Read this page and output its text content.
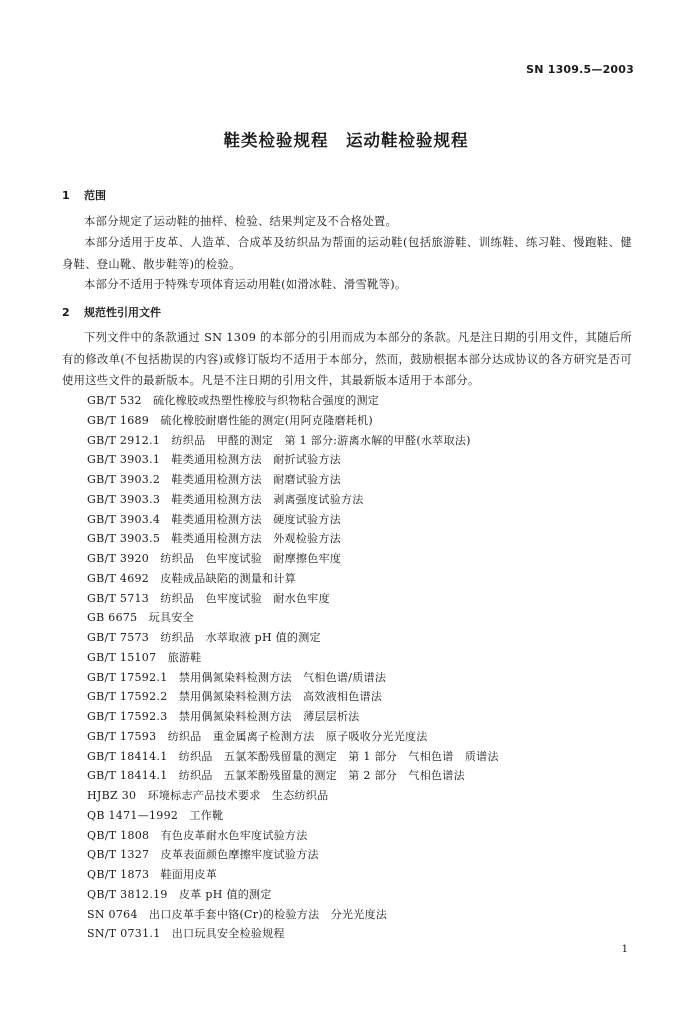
SN 1309.5—2003
鞋类检验规程　运动鞋检验规程
1 范围
本部分规定了运动鞋的抽样、检验、结果判定及不合格处置。
本部分适用于皮革、人造革、合成革及纺织品为帮面的运动鞋(包括旅游鞋、训练鞋、练习鞋、慢跑鞋、健身鞋、登山靴、散步鞋等)的检验。
本部分不适用于特殊专项体育运动用鞋(如滑冰鞋、滑雪靴等)。
2 规范性引用文件
下列文件中的条款通过 SN 1309 的本部分的引用而成为本部分的条款。凡是注日期的引用文件，其随后所有的修改单(不包括勘误的内容)或修订版均不适用于本部分，然而，鼓励根据本部分达成协议的各方研究是否可使用这些文件的最新版本。凡是不注日期的引用文件，其最新版本适用于本部分。
GB/T 532　硫化橡胶或热塑性橡胶与织物粘合强度的测定
GB/T 1689　硫化橡胶耐磨性能的测定(用阿克隆磨耗机)
GB/T 2912.1　纺织品　甲醛的测定　第 1 部分:游离水解的甲醛(水萃取法)
GB/T 3903.1　鞋类通用检测方法　耐折试验方法
GB/T 3903.2　鞋类通用检测方法　耐磨试验方法
GB/T 3903.3　鞋类通用检测方法　剥离强度试验方法
GB/T 3903.4　鞋类通用检测方法　硬度试验方法
GB/T 3903.5　鞋类通用检测方法　外观检验方法
GB/T 3920　纺织品　色牢度试验　耐摩擦色牢度
GB/T 4692　皮鞋成品缺陷的测量和计算
GB/T 5713　纺织品　色牢度试验　耐水色牢度
GB 6675　玩具安全
GB/T 7573　纺织品　水萃取液 pH 值的测定
GB/T 15107　旅游鞋
GB/T 17592.1　禁用偶氮染料检测方法　气相色谱/质谱法
GB/T 17592.2　禁用偶氮染料检测方法　高效液相色谱法
GB/T 17592.3　禁用偶氮染料检测方法　薄层层析法
GB/T 17593　纺织品　重金属离子检测方法　原子吸收分光光度法
GB/T 18414.1　纺织品　五氯苯酚残留量的测定　第 1 部分　气相色谱　质谱法
GB/T 18414.1　纺织品　五氯苯酚残留量的测定　第 2 部分　气相色谱法
HJBZ 30　环境标志产品技术要求　生态纺织品
QB 1471—1992　工作靴
QB/T 1808　有色皮革耐水色牢度试验方法
QB/T 1327　皮革表面颜色摩擦牢度试验方法
QB/T 1873　鞋面用皮革
QB/T 3812.19　皮革 pH 值的测定
SN 0764　出口皮革手套中铬(Cr)的检验方法　分光光度法
SN/T 0731.1　出口玩具安全检验规程
1
